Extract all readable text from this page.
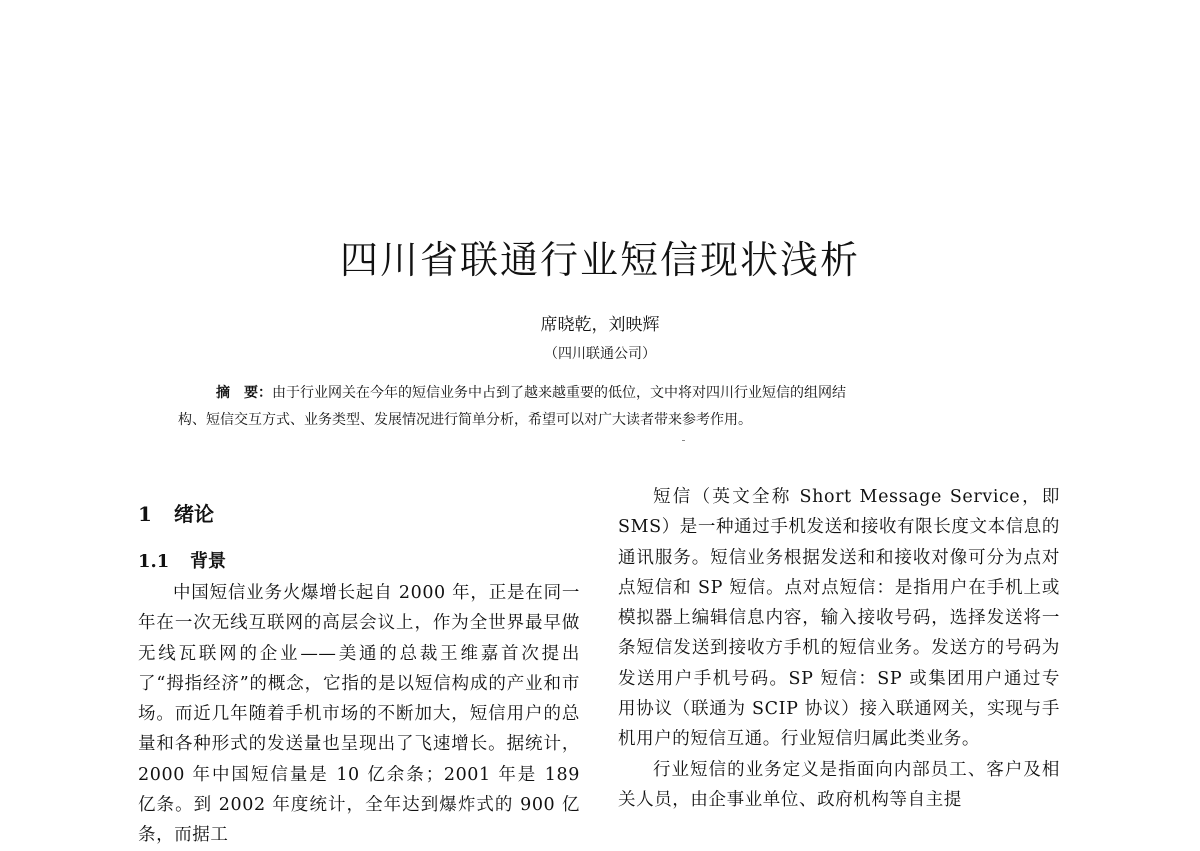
四川省联通行业短信现状浅析
席晓乾，刘映辉
（四川联通公司）
摘　要：由于行业网关在今年的短信业务中占到了越来越重要的低位，文中将对四川行业短信的组网结
构、短信交互方式、业务类型、发展情况进行简单分析，希望可以对广大读者带来参考作用。
1 绪论
1.1 背景

中国短信业务火爆增长起自 2000 年，正是在同一年在一次无线互联网的高层会议上，作为全世界最早做无线瓦联网的企业——美通的总裁王维嘉首次提出了“拇指经济”的概念，它指的是以短信构成的产业和市场。而近几年随着手机市场的不断加大，短信用户的总量和各种形式的发送量也呈现出了飞速增长。据统计，2000 年中国短信量是 10 亿余条；2001 年是 189 亿条。到 2002 年度统计，全年达到爆炸式的 900 亿条，而据工

短信（英文全称 Short Message Service，即 SMS）是一种通过手机发送和接收有限长度文本信息的通讯服务。短信业务根据发送和和接收对像可分为点对点短信和 SP 短信。点对点短信：是指用户在手机上或模拟器上编辑信息内容，输入接收号码，选择发送将一条短信发送到接收方手机的短信业务。发送方的号码为发送用户手机号码。SP 短信：SP 或集团用户通过专用协议（联通为 SCIP 协议）接入联通网关，实现与手机用户的短信互通。行业短信归属此类业务。

行业短信的业务定义是指面向内部员工、客户及相关人员，由企事业单位、政府机构等自主提
